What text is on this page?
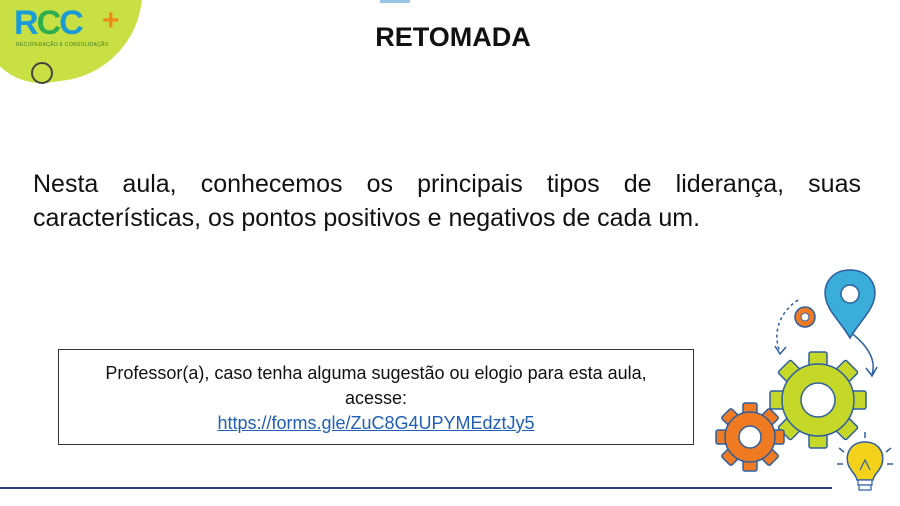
RCC +
RECUPERAÇÃO E CONSOLIDAÇÃO	RETOMADA
Nesta aula, conhecemos os principais tipos de liderança, suas características, os pontos positivos e negativos de cada um.
Professor(a), caso tenha alguma sugestão ou elogio para esta aula,
acesse:
https://forms.gle/ZuC8G4UPYMEdztJy5
